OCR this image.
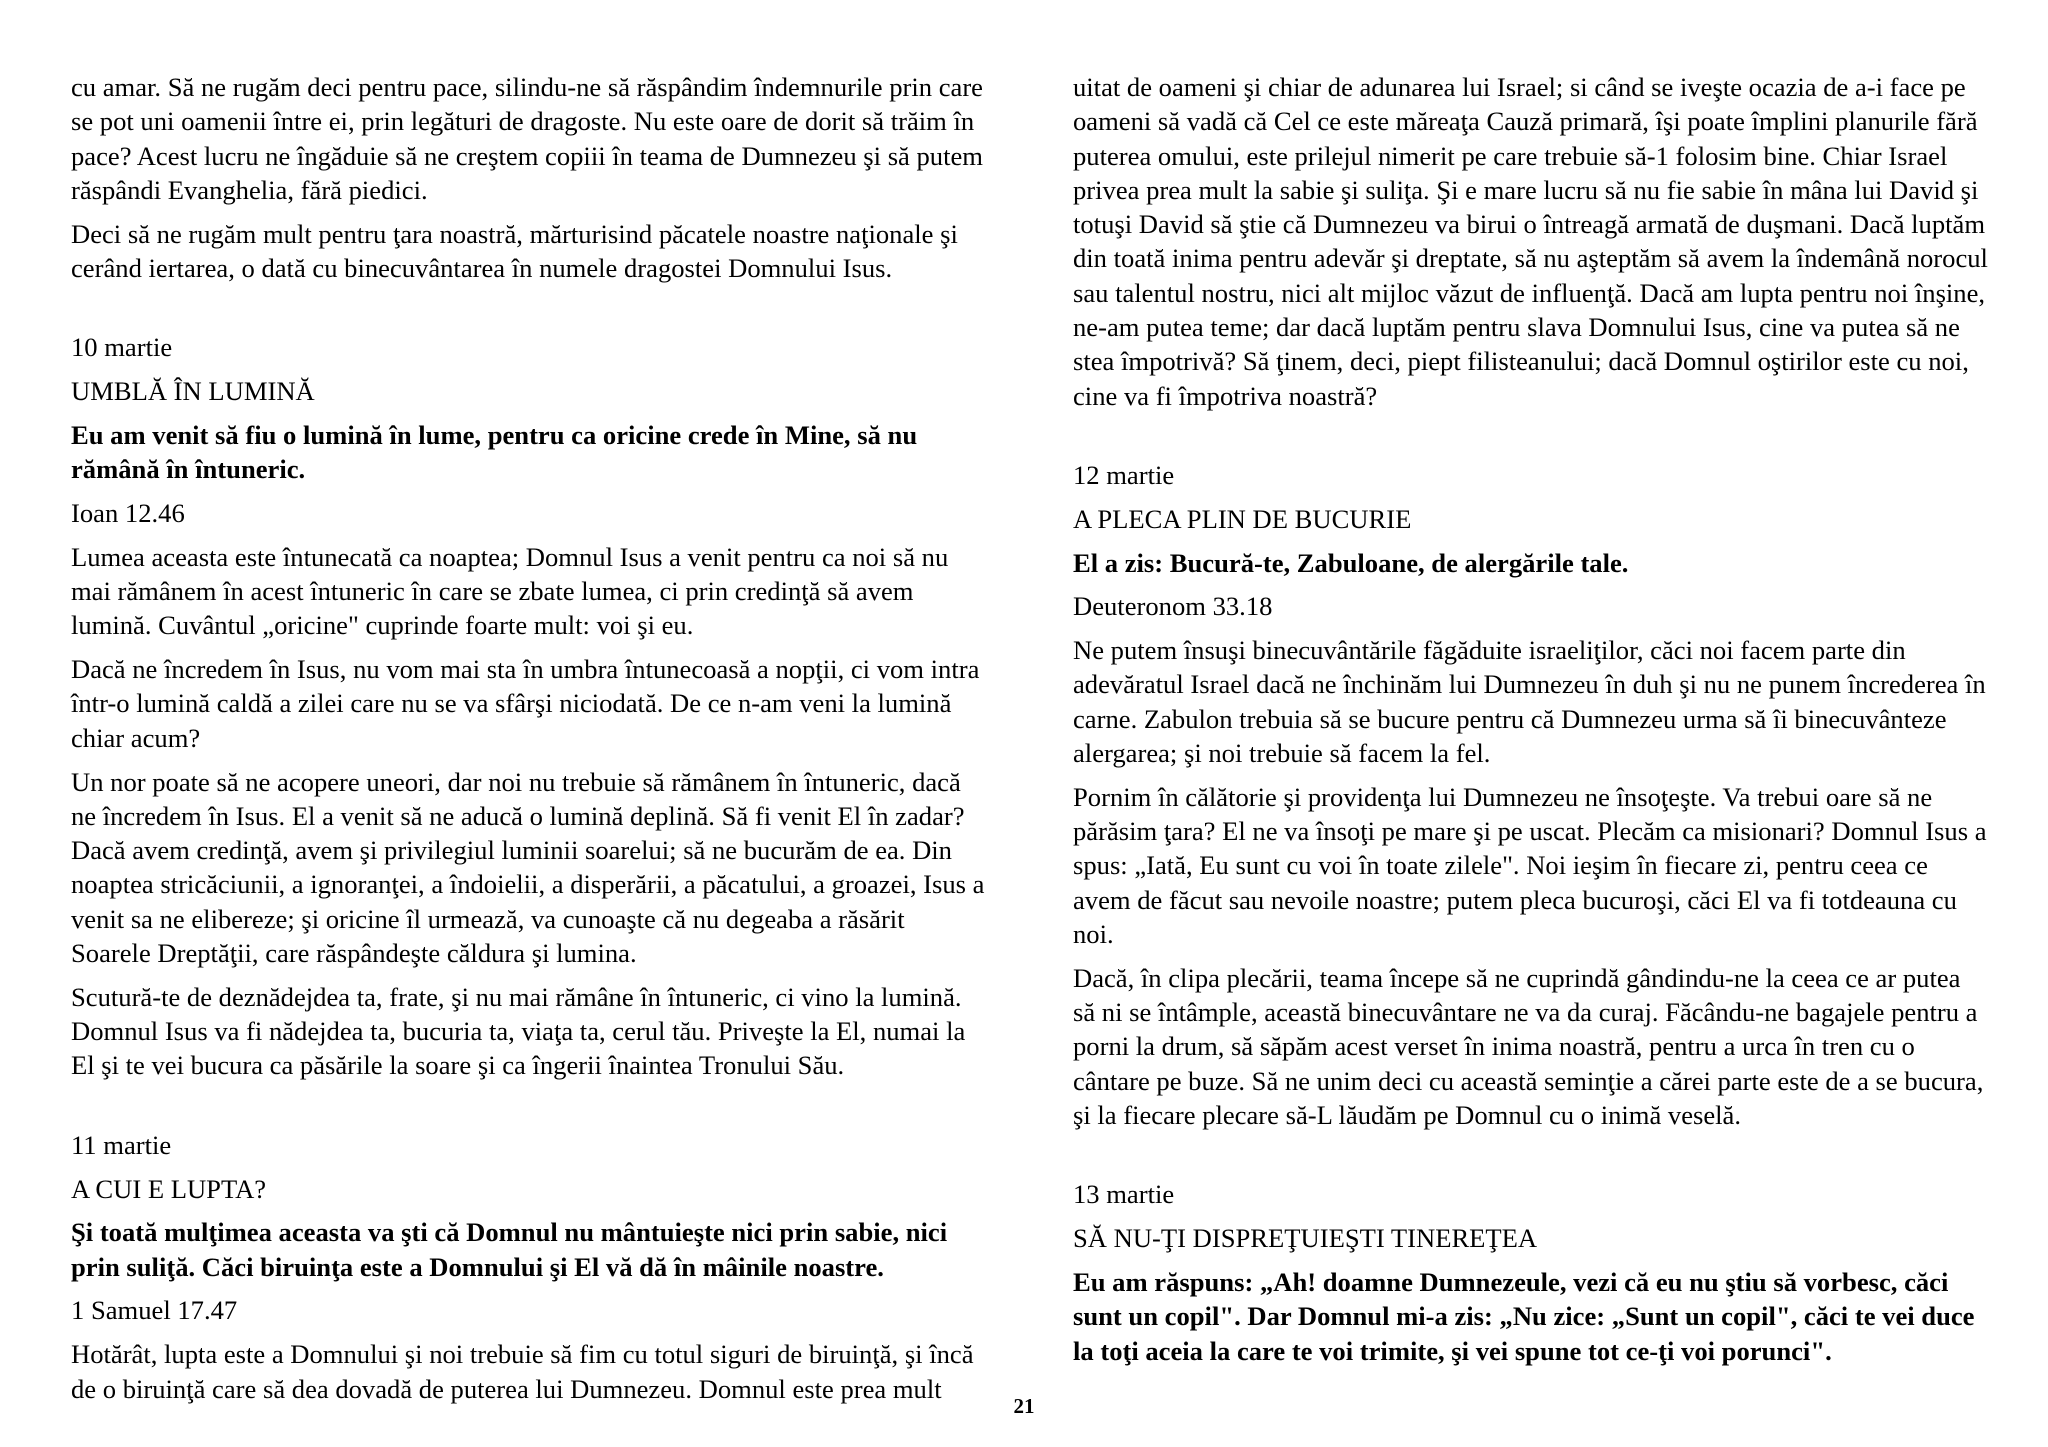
cu amar. Să ne rugăm deci pentru pace, silindu-ne să răspândim îndemnurile prin care se pot uni oamenii între ei, prin legături de dragoste. Nu este oare de dorit să trăim în pace? Acest lucru ne îngăduie să ne creştem copiii în teama de Dumnezeu şi să putem răspândi Evanghelia, fără piedici.

Deci să ne rugăm mult pentru ţara noastră, mărturisind păcatele noastre naţionale şi cerând iertarea, o dată cu binecuvântarea în numele dragostei Domnului Isus.

10 martie

UMBLĂ ÎN LUMINĂ

Eu am venit să fiu o lumină în lume, pentru ca oricine crede în Mine, să nu rămână în întuneric.

Ioan 12.46

Lumea aceasta este întunecată ca noaptea; Domnul Isus a venit pentru ca noi să nu mai rămânem în acest întuneric în care se zbate lumea, ci prin credinţă să avem lumină. Cuvântul „oricine" cuprinde foarte mult: voi şi eu.

Dacă ne încredem în Isus, nu vom mai sta în umbra întunecoasă a nopţii, ci vom intra într-o lumină caldă a zilei care nu se va sfârşi niciodată. De ce n-am veni la lumină chiar acum?

Un nor poate să ne acopere uneori, dar noi nu trebuie să rămânem în întuneric, dacă ne încredem în Isus. El a venit să ne aducă o lumină deplină. Să fi venit El în zadar? Dacă avem credinţă, avem şi privilegiul luminii soarelui; să ne bucurăm de ea. Din noaptea stricăciunii, a ignoranţei, a îndoielii, a disperării, a păcatului, a groazei, Isus a venit sa ne elibereze; şi oricine îl urmează, va cunoaşte că nu degeaba a răsărit Soarele Dreptăţii, care răspândeşte căldura şi lumina.

Scutură-te de deznădejdea ta, frate, şi nu mai rămâne în întuneric, ci vino la lumină. Domnul Isus va fi nădejdea ta, bucuria ta, viaţa ta, cerul tău. Priveşte la El, numai la El şi te vei bucura ca păsările la soare şi ca îngerii înaintea Tronului Său.

11 martie

A CUI E LUPTA?

Şi toată mulţimea aceasta va şti că Domnul nu mântuieşte nici prin sabie, nici prin suliţă. Căci biruinţa este a Domnului şi El vă dă în mâinile noastre.

1 Samuel 17.47

Hotărât, lupta este a Domnului şi noi trebuie să fim cu totul siguri de biruinţă, şi încă de o biruinţă care să dea dovadă de puterea lui Dumnezeu. Domnul este prea mult

uitat de oameni şi chiar de adunarea lui Israel; si când se iveşte ocazia de a-i face pe oameni să vadă că Cel ce este măreaţa Cauză primară, îşi poate împlini planurile fără puterea omului, este prilejul nimerit pe care trebuie să-1 folosim bine. Chiar Israel privea prea mult la sabie şi suliţa. Şi e mare lucru să nu fie sabie în mâna lui David şi totuşi David să ştie că Dumnezeu va birui o întreagă armată de duşmani. Dacă luptăm din toată inima pentru adevăr şi dreptate, să nu aşteptăm să avem la îndemână norocul sau talentul nostru, nici alt mijloc văzut de influenţă. Dacă am lupta pentru noi înşine, ne-am putea teme; dar dacă luptăm pentru slava Domnului Isus, cine va putea să ne stea împotrivă? Să ţinem, deci, piept filisteanului; dacă Domnul oştirilor este cu noi, cine va fi împotriva noastră?

12 martie

A PLECA PLIN DE BUCURIE

El a zis: Bucură-te, Zabuloane, de alergările tale.

Deuteronom 33.18

Ne putem însuşi binecuvântările făgăduite israeliţilor, căci noi facem parte din adevăratul Israel dacă ne închinăm lui Dumnezeu în duh şi nu ne punem încrederea în carne. Zabulon trebuia să se bucure pentru că Dumnezeu urma să îi binecuvânteze alergarea; şi noi trebuie să facem la fel.

Pornim în călătorie şi providenţa lui Dumnezeu ne însoţeşte. Va trebui oare să ne părăsim ţara? El ne va însoţi pe mare şi pe uscat. Plecăm ca misionari? Domnul Isus a spus: „Iată, Eu sunt cu voi în toate zilele". Noi ieşim în fiecare zi, pentru ceea ce avem de făcut sau nevoile noastre; putem pleca bucuroşi, căci El va fi totdeauna cu noi.

Dacă, în clipa plecării, teama începe să ne cuprindă gândindu-ne la ceea ce ar putea să ni se întâmple, această binecuvântare ne va da curaj. Făcându-ne bagajele pentru a porni la drum, să săpăm acest verset în inima noastră, pentru a urca în tren cu o cântare pe buze. Să ne unim deci cu această seminţie a cărei parte este de a se bucura, şi la fiecare plecare să-L lăudăm pe Domnul cu o inimă veselă.

13 martie

SĂ NU-ŢI DISPREŢUIEŞTI TINEREŢEA

Eu am răspuns: „Ah! doamne Dumnezeule, vezi că eu nu ştiu să vorbesc, căci sunt un copil". Dar Domnul mi-a zis: „Nu zice: „Sunt un copil", căci te vei duce la toţi aceia la care te voi trimite, şi vei spune tot ce-ţi voi porunci".

21
